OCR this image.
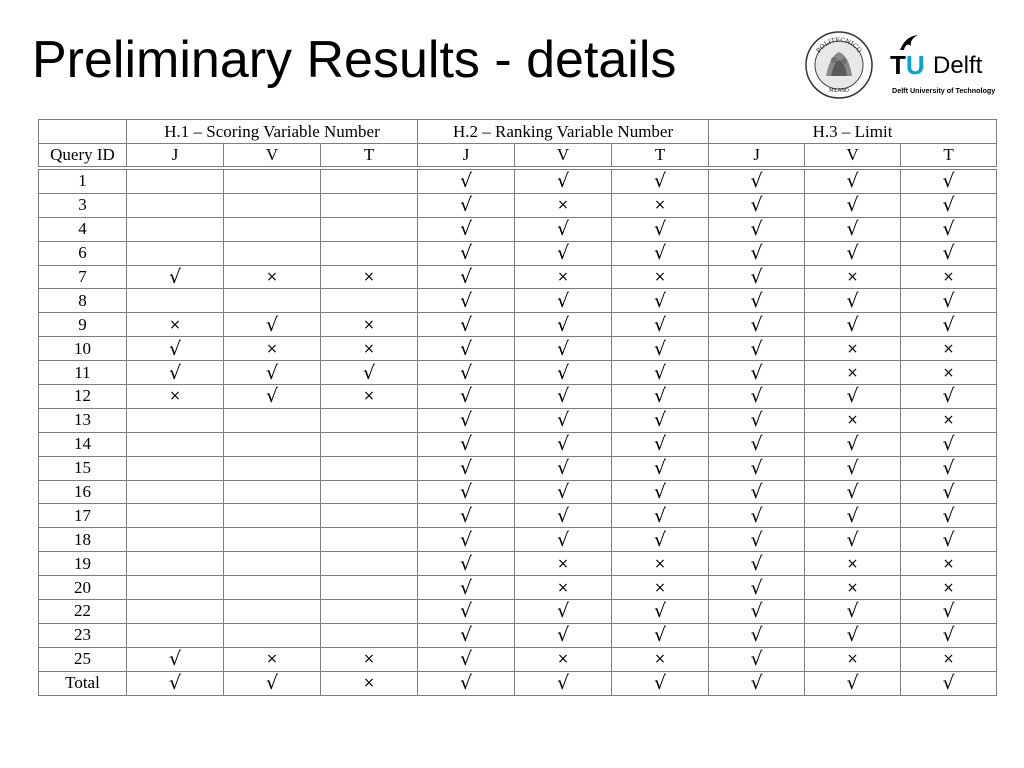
Preliminary Results - details	POLITECNICO
MILANO
TU Delft
Delft University of Technology
	H.1 – Scoring Variable Number			H.2 – Ranking Variable Number			H.3 – Limit		
Query ID	J	V	T	J	V	T	J	V	T
1				√	√	√	√	√	√
3				√	×	×	√	√	√
4				√	√	√	√	√	√
6				√	√	√	√	√	√
7	√	×	×	√	×	×	√	×	×
8				√	√	√	√	√	√
9	×	√	×	√	√	√	√	√	√
10	√	×	×	√	√	√	√	×	×
11	√	√	√	√	√	√	√	×	×
12	×	√	×	√	√	√	√	√	√
13				√	√	√	√	×	×
14				√	√	√	√	√	√
15				√	√	√	√	√	√
16				√	√	√	√	√	√
17				√	√	√	√	√	√
18				√	√	√	√	√	√
19				√	×	×	√	×	×
20				√	×	×	√	×	×
22				√	√	√	√	√	√
23				√	√	√	√	√	√
25	√	×	×	√	×	×	√	×	×
Total	√	√	×	√	√	√	√	√	√
